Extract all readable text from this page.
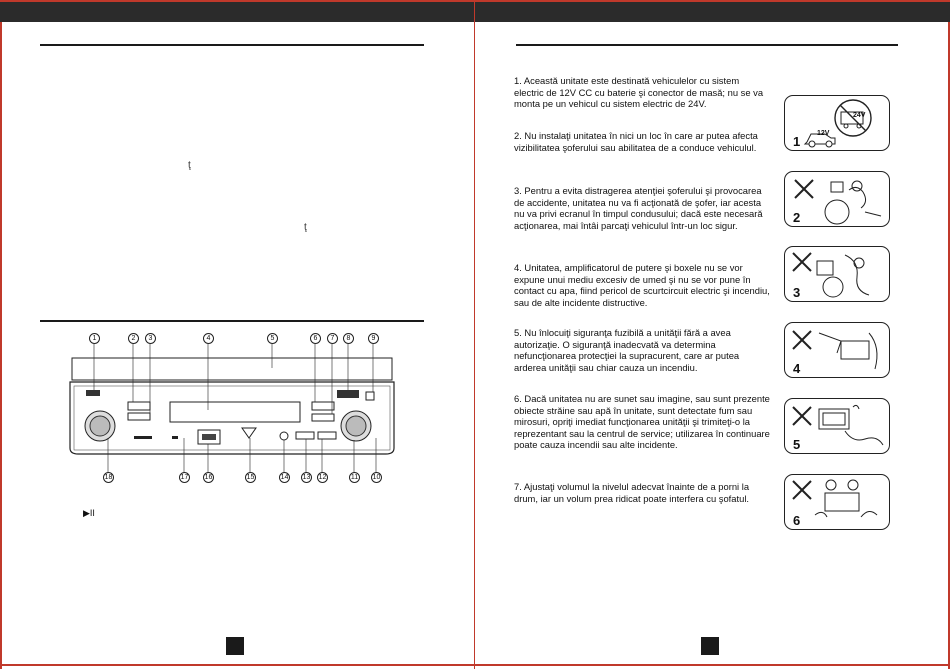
ţ
ţ
1	2	3	4	5	6	7	8	9
18	17 16	15	14 13 12	11 10
▶II
1. Această unitate este destinată vehiculelor cu sistem electric de 12V CC cu baterie şi conector de masă; nu se va monta pe un vehicul cu sistem electric de 24V.
2. Nu instalaţi unitatea în nici un loc în care ar putea afecta vizibilitatea şoferului sau abilitatea de a conduce vehiculul.
3. Pentru a evita distragerea atenţiei şoferului şi provocarea de accidente, unitatea nu va fi acţionată de şofer, iar acesta nu va privi ecranul în timpul condusului; dacă este necesară acţionarea, mai întâi parcaţi vehiculul într-un loc sigur.
4. Unitatea, amplificatorul de putere şi boxele nu se vor expune unui mediu excesiv de umed şi nu se vor pune în contact cu apa, fiind pericol de scurtcircuit electric şi incendiu, sau de alte incidente distructive.
5. Nu înlocuiţi siguranţa fuzibilă a unităţii fără a avea autorizaţie. O siguranţă inadecvată va determina nefuncţionarea protecţiei la supracurent, care ar putea arderea unităţii sau chiar cauza un incendiu.
6. Dacă unitatea nu are sunet sau imagine, sau sunt prezente obiecte străine sau apă în unitate, sunt detectate fum sau mirosuri, opriţi imediat funcţionarea unităţii şi trimiteţi-o la reprezentant sau la centrul de service; utilizarea în continuare poate cauza incendii sau alte incidente.
7. Ajustaţi volumul la nivelul adecvat înainte de a porni la drum, iar un volum prea ridicat poate interfera cu şofatul.
1
12V
24V
2
3
4
5
6
